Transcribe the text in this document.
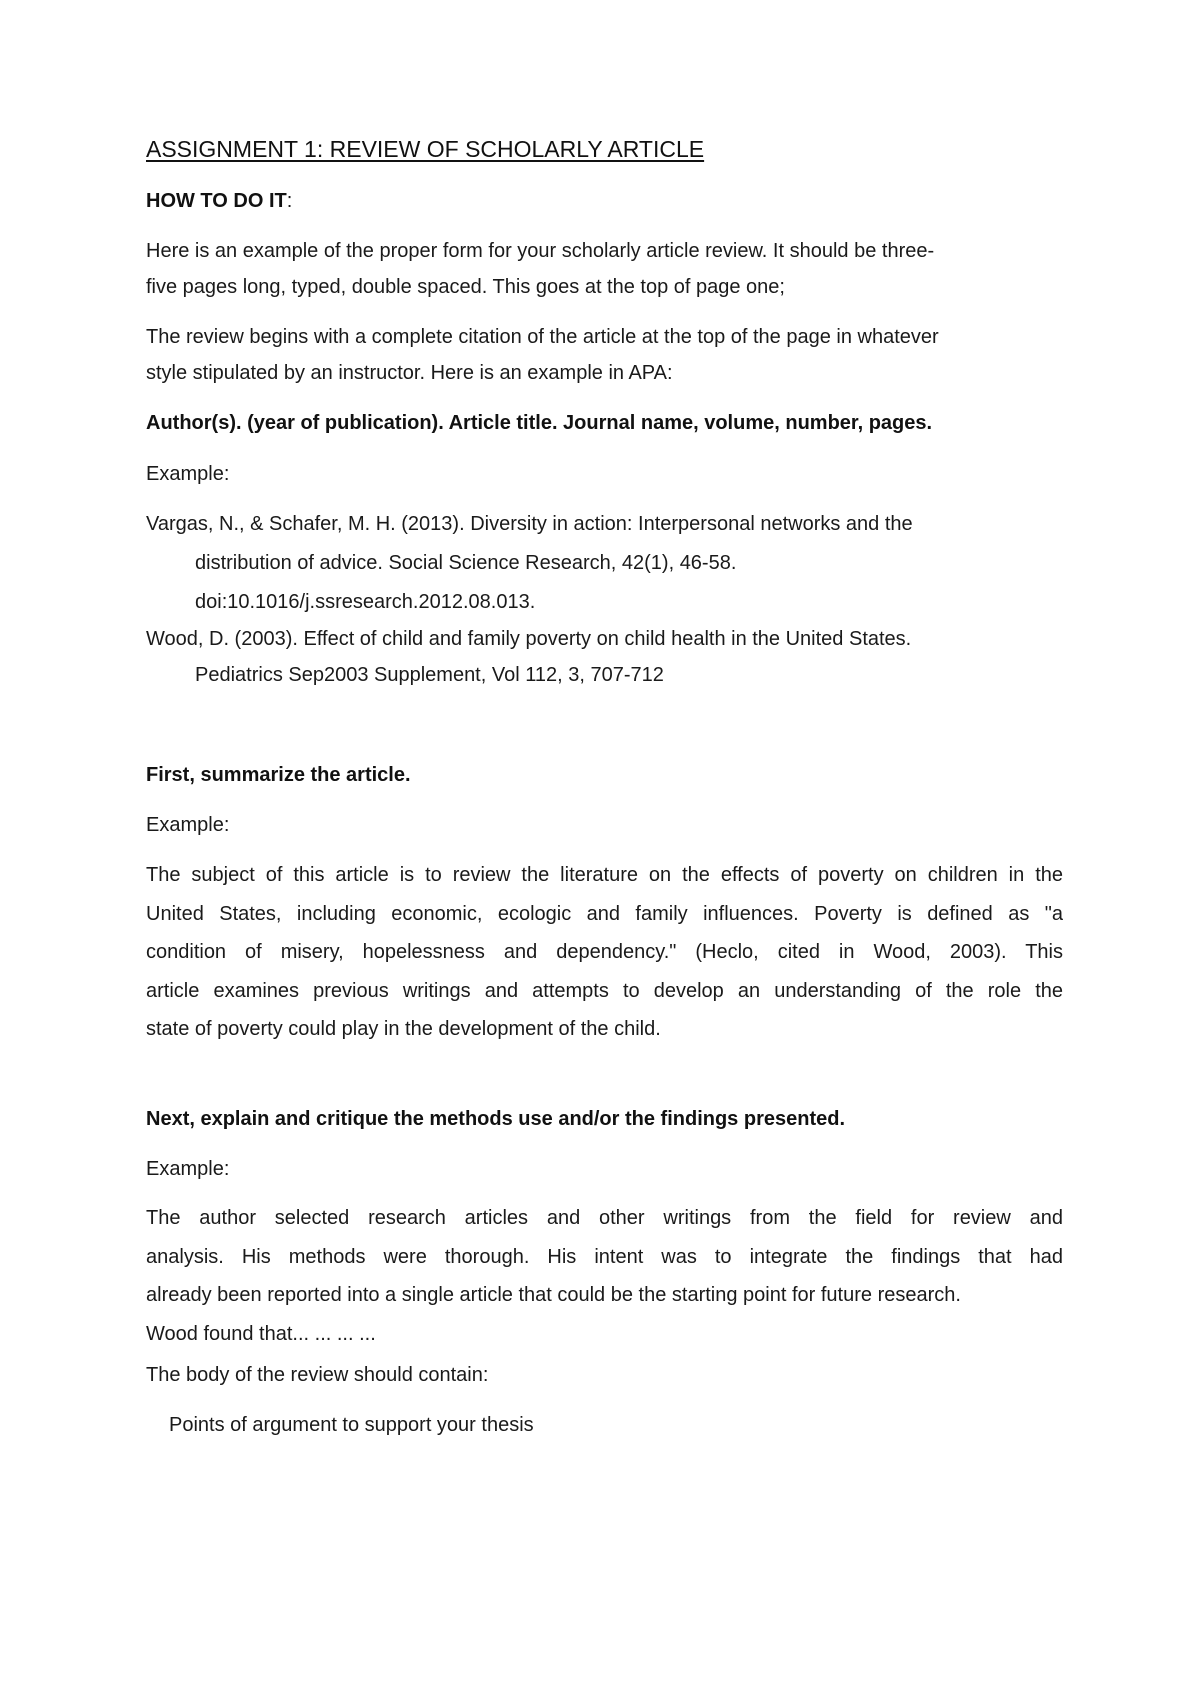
ASSIGNMENT 1: REVIEW OF SCHOLARLY ARTICLE
HOW TO DO IT:
Here is an example of the proper form for your scholarly article review. It should be three-
five pages long, typed, double spaced. This goes at the top of page one;
The review begins with a complete citation of the article at the top of the page in whatever
style stipulated by an instructor. Here is an example in APA:
Author(s). (year of publication). Article title. Journal name, volume, number, pages.
Example:
Vargas, N., & Schafer, M. H. (2013). Diversity in action: Interpersonal networks and the
distribution of advice. Social Science Research, 42(1), 46-58.
doi:10.1016/j.ssresearch.2012.08.013.
Wood, D. (2003). Effect of child and family poverty on child health in the United States.
Pediatrics Sep2003 Supplement, Vol 112, 3, 707-712
First, summarize the article.
Example:
The subject of this article is to review the literature on the effects of poverty on children in the
United States, including economic, ecologic and family influences. Poverty is defined as "a
condition of misery, hopelessness and dependency." (Heclo, cited in Wood, 2003). This
article examines previous writings and attempts to develop an understanding of the role the
state of poverty could play in the development of the child.
Next, explain and critique the methods use and/or the findings presented.
Example:
The author selected research articles and other writings from the field for review and
analysis. His methods were thorough. His intent was to integrate the findings that had
already been reported into a single article that could be the starting point for future research.
Wood found that... ... ... ...
The body of the review should contain:
Points of argument to support your thesis
